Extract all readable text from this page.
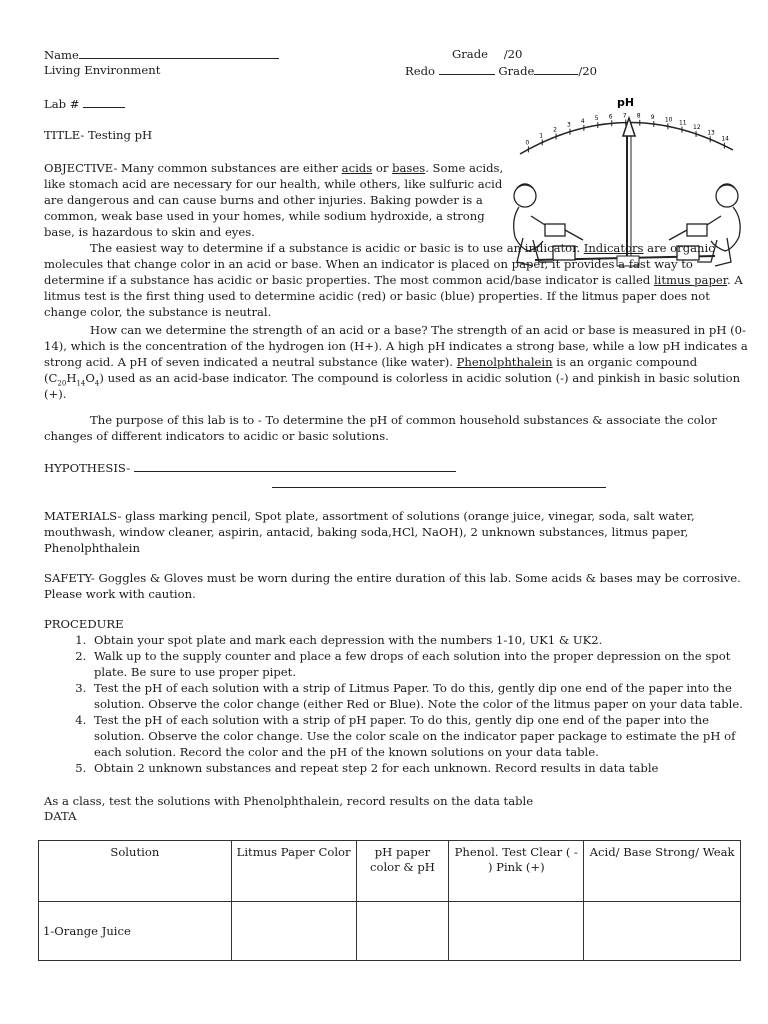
Name	Grade /20
Living Environment	Redo	Grade	/20
Lab #
TITLE- Testing pH
pH
0
1
2
3
4 5 6 7 8 9 10 11
12
13
14
OBJECTIVE- Many common substances are either acids or bases. Some acids, like stomach acid are necessary for our health, while others, like sulfuric acid are dangerous and can cause burns and other injuries. Baking powder is a common, weak base used in your homes, while sodium hydroxide, a strong base, is hazardous to skin and eyes.
The easiest way to determine if a substance is acidic or basic is to use an indicator. Indicators are organic molecules that change color in an acid or base. When an indicator is placed on paper, it provides a fast way to determine if a substance has acidic or basic properties. The most common acid/base indicator is called litmus paper. A litmus test is the first thing used to determine acidic (red) or basic (blue) properties. If the litmus paper does not change color, the substance is neutral.
How can we determine the strength of an acid or a base? The strength of an acid or base is measured in pH (0-14), which is the concentration of the hydrogen ion (H+). A high pH indicates a strong base, while a low pH indicates a strong acid. A pH of seven indicated a neutral substance (like water). Phenolphthalein is an organic compound $(C_{20}H_{14}O_4)$ used as an acid-base indicator. The compound is colorless in acidic solution (-) and pinkish in basic solution (+).
The purpose of this lab is to - To determine the pH of common household substances & associate the color changes of different indicators to acidic or basic solutions.
HYPOTHESIS-
MATERIALS- glass marking pencil, Spot plate, assortment of solutions (orange juice, vinegar, soda, salt water, mouthwash, window cleaner, aspirin, antacid, baking soda,HCl, NaOH), 2 unknown substances, litmus paper, Phenolphthalein
SAFETY- Goggles & Gloves must be worn during the entire duration of this lab. Some acids & bases may be corrosive. Please work with caution.
PROCEDURE
1. Obtain your spot plate and mark each depression with the numbers 1-10, UK1 & UK2.
2. Walk up to the supply counter and place a few drops of each solution into the proper depression on the spot plate. Be sure to use proper pipet.
3. Test the pH of each solution with a strip of Litmus Paper. To do this, gently dip one end of the paper into the solution. Observe the color change (either Red or Blue). Note the color of the litmus paper on your data table.
4. Test the pH of each solution with a strip of pH paper. To do this, gently dip one end of the paper into the solution. Observe the color change. Use the color scale on the indicator paper package to estimate the pH of each solution. Record the color and the pH of the known solutions on your data table.
5. Obtain 2 unknown substances and repeat step 2 for each unknown. Record results in data table
As a class, test the solutions with Phenolphthalein, record results on the data table
DATA
Solution	Litmus Paper Color	pH paper color & pH	Phenol. Test Clear ( - ) Pink (+)	Acid/ Base Strong/ Weak
1-Orange Juice				
